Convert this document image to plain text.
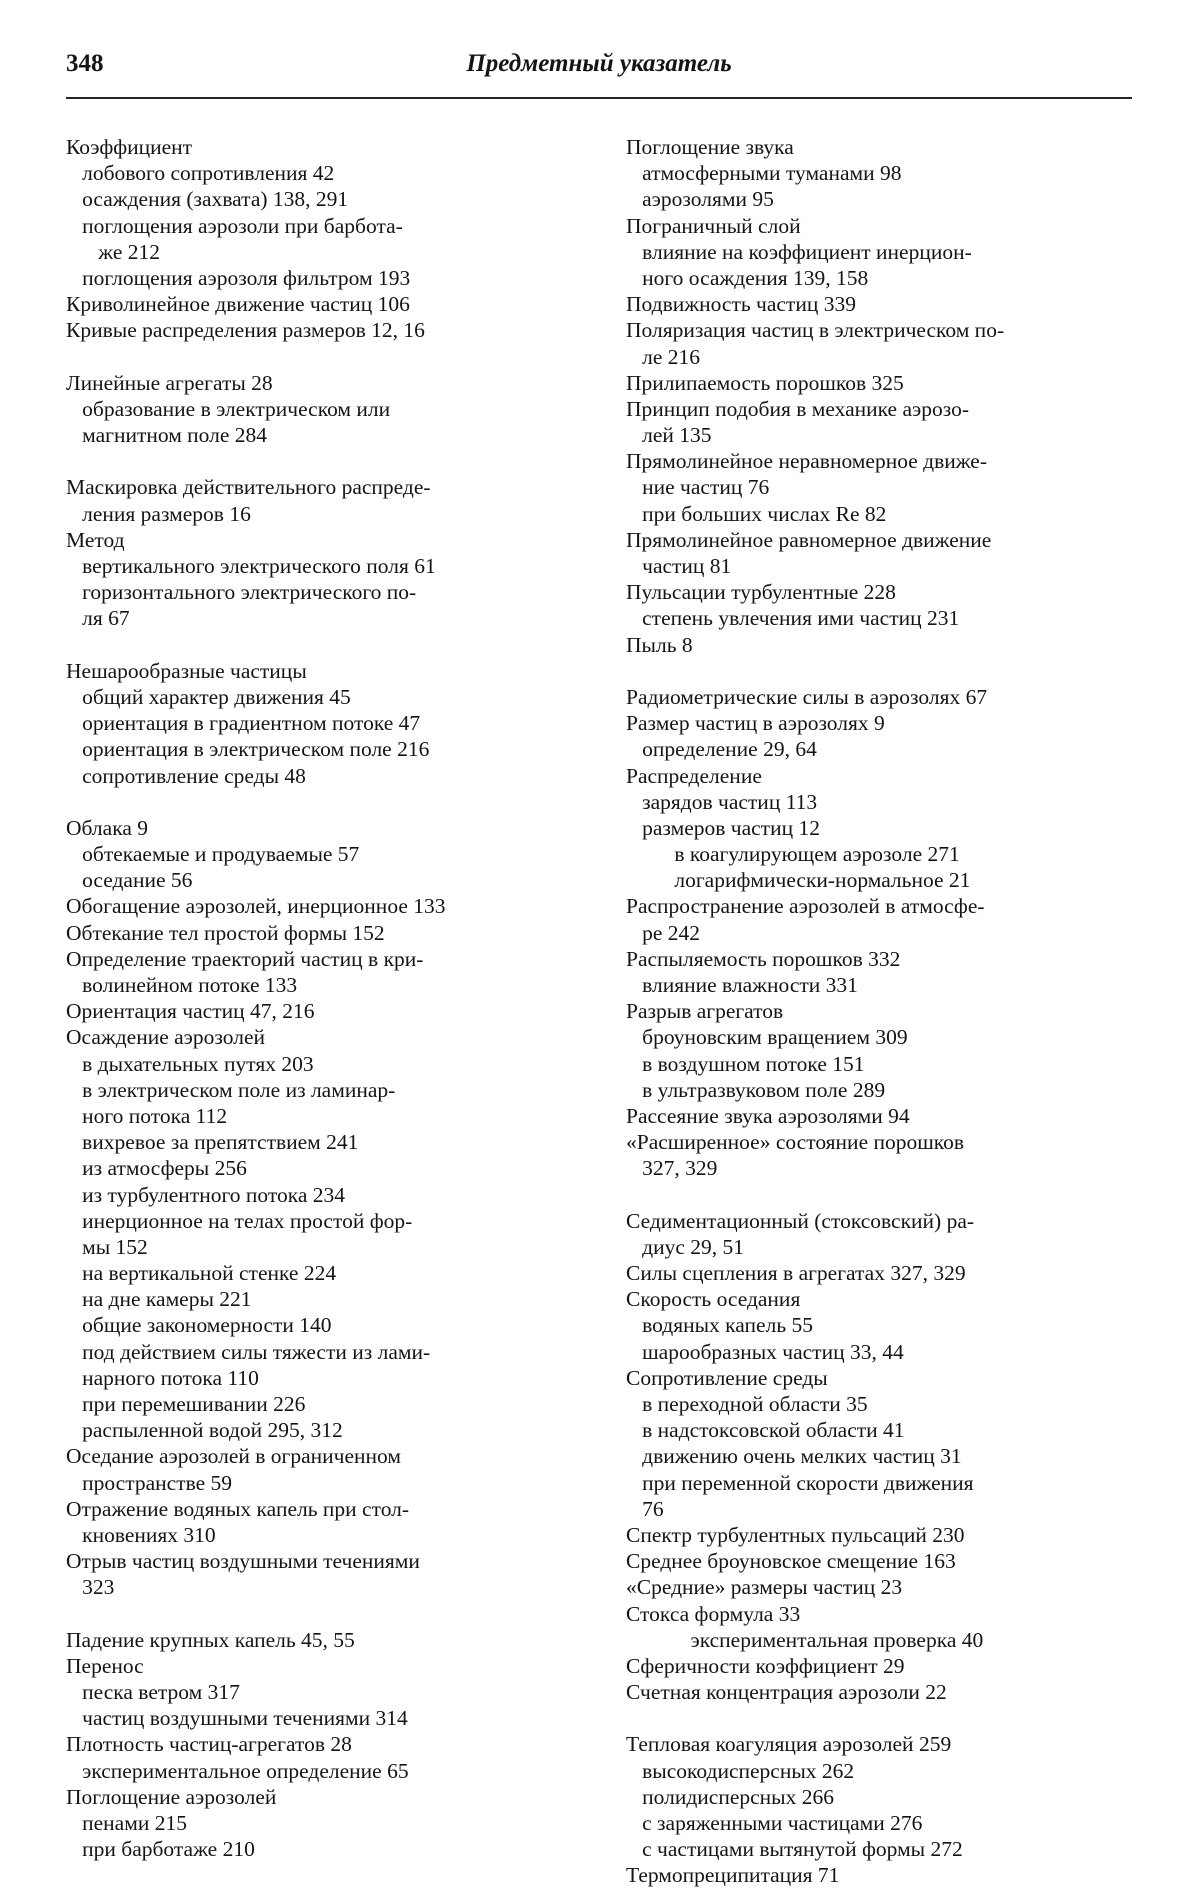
348	Предметный указатель
Коэффициент
лобового сопротивления 42
осаждения (захвата) 138, 291
поглощения аэрозоли при барбота-
же 212
поглощения аэрозоля фильтром 193
Криволинейное движение частиц 106
Кривые распределения размеров 12, 16
Линейные агрегаты 28
образование в электрическом или
магнитном поле 284
Маскировка действительного распреде-
ления размеров 16
Метод
вертикального электрического поля 61
горизонтального электрического по-
ля 67
Нешарообразные частицы
общий характер движения 45
ориентация в градиентном потоке 47
ориентация в электрическом поле 216
сопротивление среды 48
Облака 9
обтекаемые и продуваемые 57
оседание 56
Обогащение аэрозолей, инерционное 133
Обтекание тел простой формы 152
Определение траекторий частиц в кри-
волинейном потоке 133
Ориентация частиц 47, 216
Осаждение аэрозолей
в дыхательных путях 203
в электрическом поле из ламинар-
ного потока 112
вихревое за препятствием 241
из атмосферы 256
из турбулентного потока 234
инерционное на телах простой фор-
мы 152
на вертикальной стенке 224
на дне камеры 221
общие закономерности 140
под действием силы тяжести из лами-
нарного потока 110
при перемешивании 226
распыленной водой 295, 312
Оседание аэрозолей в ограниченном
пространстве 59
Отражение водяных капель при стол-
кновениях 310
Отрыв частиц воздушными течениями
323
Падение крупных капель 45, 55
Перенос
песка ветром 317
частиц воздушными течениями 314
Плотность частиц-агрегатов 28
экспериментальное определение 65
Поглощение аэрозолей
пенами 215
при барботаже 210
Поглощение звука
атмосферными туманами 98
аэрозолями 95
Пограничный слой
влияние на коэффициент инерцион-
ного осаждения 139, 158
Подвижность частиц 339
Поляризация частиц в электрическом по-
ле 216
Прилипаемость порошков 325
Принцип подобия в механике аэрозо-
лей 135
Прямолинейное неравномерное движе-
ние частиц 76
при больших числах Re 82
Прямолинейное равномерное движение
частиц 81
Пульсации турбулентные 228
степень увлечения ими частиц 231
Пыль 8
Радиометрические силы в аэрозолях 67
Размер частиц в аэрозолях 9
определение 29, 64
Распределение
зарядов частиц 113
размеров частиц 12
в коагулирующем аэрозоле 271
логарифмически-нормальное 21
Распространение аэрозолей в атмосфе-
ре 242
Распыляемость порошков 332
влияние влажности 331
Разрыв агрегатов
броуновским вращением 309
в воздушном потоке 151
в ультразвуковом поле 289
Рассеяние звука аэрозолями 94
«Расширенное» состояние порошков
327, 329
Седиментационный (стоксовский) ра-
диус 29, 51
Силы сцепления в агрегатах 327, 329
Скорость оседания
водяных капель 55
шарообразных частиц 33, 44
Сопротивление среды
в переходной области 35
в надстоксовской области 41
движению очень мелких частиц 31
при переменной скорости движения
76
Спектр турбулентных пульсаций 230
Среднее броуновское смещение 163
«Средние» размеры частиц 23
Стокса формула 33
экспериментальная проверка 40
Сферичности коэффициент 29
Счетная концентрация аэрозоли 22
Тепловая коагуляция аэрозолей 259
высокодисперсных 262
полидисперсных 266
с заряженными частицами 276
с частицами вытянутой формы 272
Термопреципитация 71
